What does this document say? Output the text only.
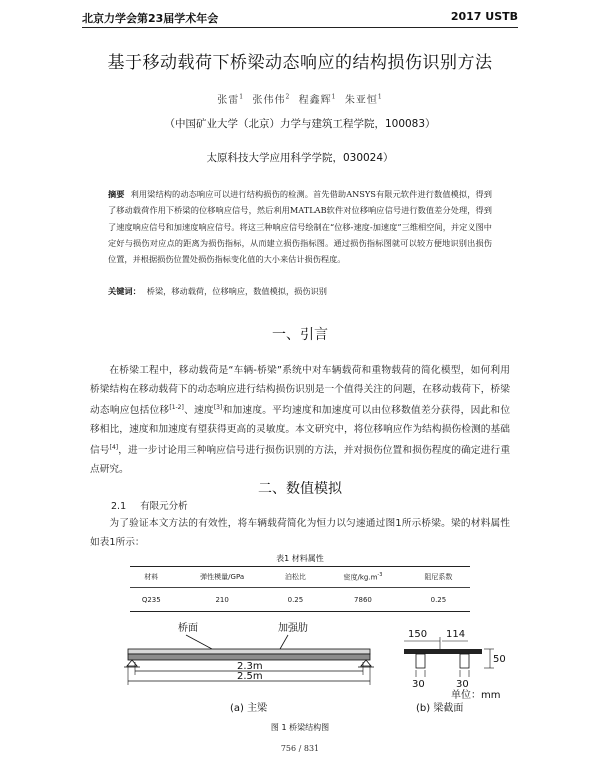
北京力学会第23届学术年会	2017 USTB
基于移动载荷下桥梁动态响应的结构损伤识别方法
张雷$^1$ 张伟伟$^2$ 程鑫辉$^1$ 朱亚恒$^1$
（中国矿业大学（北京）力学与建筑工程学院，100083）
太原科技大学应用科学学院，030024）
摘要 利用梁结构的动态响应可以进行结构损伤的检测。首先借助ANSYS有限元软件进行数值模拟，得到了移动载荷作用下桥梁的位移响应信号，然后利用MATLAB软件对位移响应信号进行数值差分处理，得到了速度响应信号和加速度响应信号。将这三种响应信号绘制在“位移-速度-加速度”三维相空间，并定义图中定好与损伤对应点的距离为损伤指标，从而建立损伤指标图。通过损伤指标图就可以较方便地识别出损伤位置，并根据损伤位置处损伤指标变化值的大小来估计损伤程度。
关键词： 桥梁，移动载荷，位移响应，数值模拟，损伤识别
一、引言

在桥梁工程中，移动载荷是“车辆-桥梁”系统中对车辆载荷和重物载荷的简化模型，如何利用桥梁结构在移动载荷下的动态响应进行结构损伤识别是一个值得关注的问题，在移动载荷下，桥梁动态响应包括位移[1-2]、速度[3]和加速度。平均速度和加速度可以由位移数值差分获得，因此和位移相比，速度和加速度有望获得更高的灵敏度。本文研究中，将位移响应作为结构损伤检测的基础信号[4]，进一步讨论用三种响应信号进行损伤识别的方法，并对损伤位置和损伤程度的确定进行重点研究。

二、数值模拟
2.1 有限元分析

为了验证本文方法的有效性，将车辆载荷简化为恒力以匀速通过图1所示桥梁。梁的材料属性如表1所示：

表1 材料属性
材料	弹性模量/GPa	泊松比	密度$/kg.m^{-3}$	阻尼系数
Q235	210	0.25	7860	0.25
桥面	加强肋
2.3m
2.5m
(a) 主梁
150 114
50
30	30
单位：mm
(b) 梁截面
图 1 桥梁结构图
756 / 831
